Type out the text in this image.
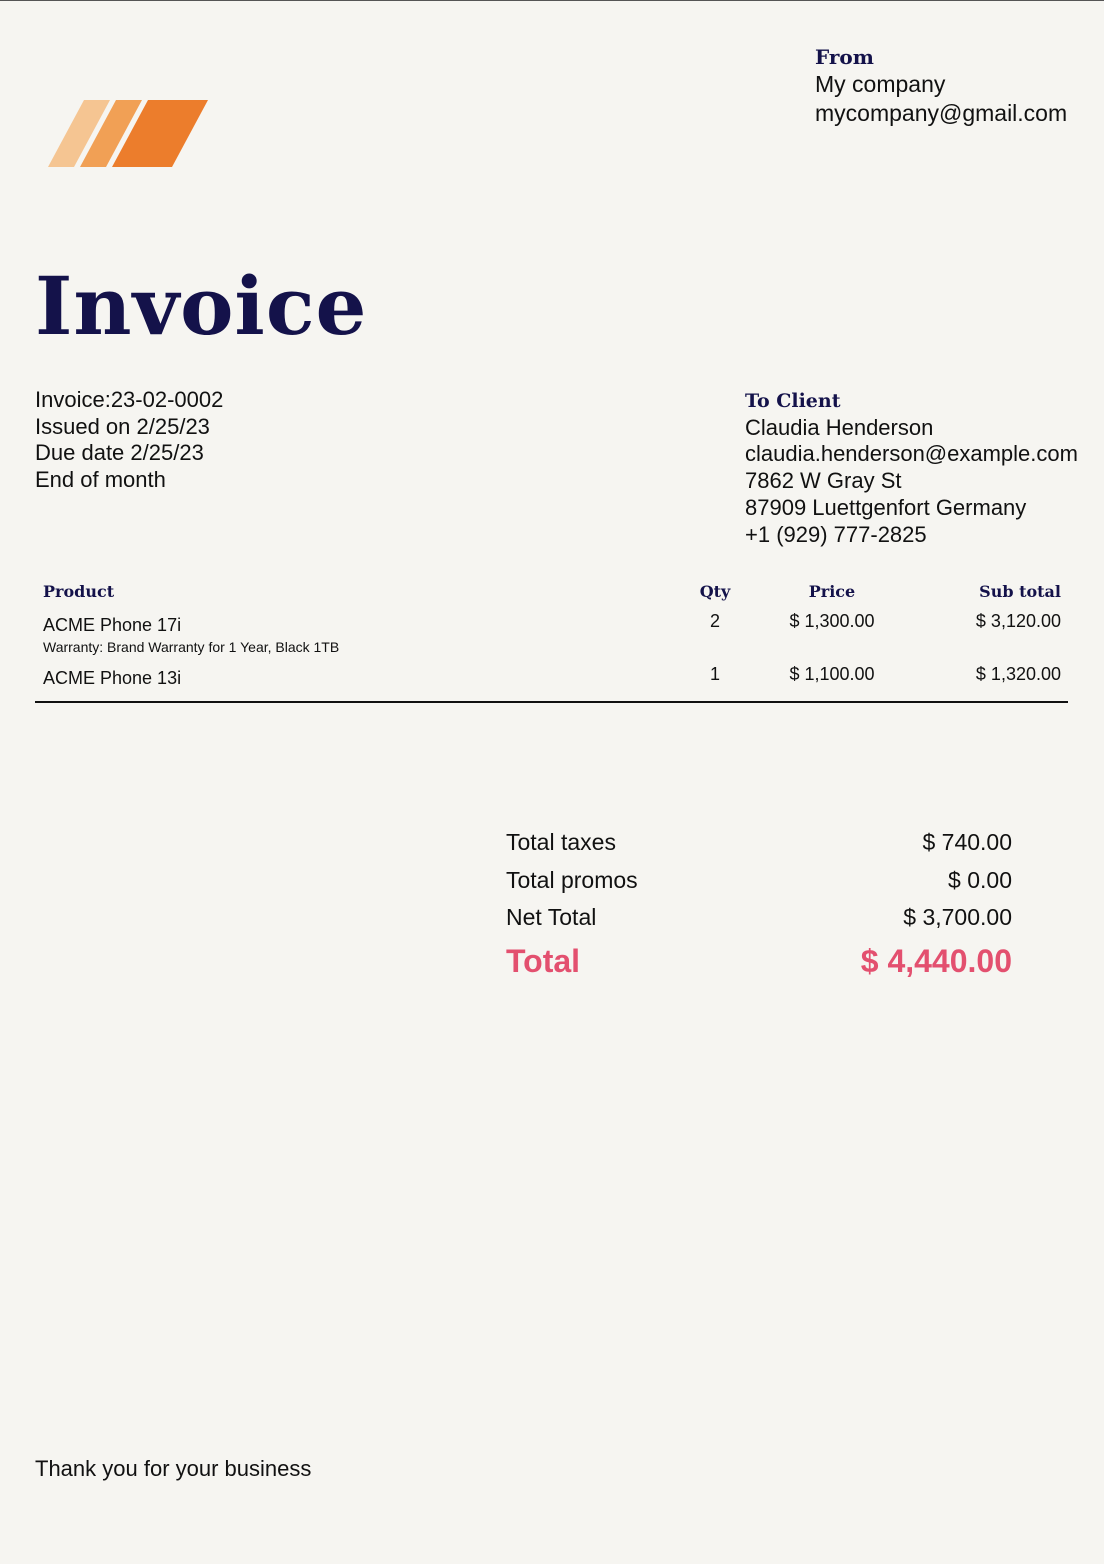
From
My company
mycompany@gmail.com
Invoice
Invoice:23-02-0002
Issued on 2/25/23
Due date 2/25/23
End of month
To Client
Claudia Henderson
claudia.henderson@example.com
7862 W Gray St
87909 Luettgenfort Germany
+1 (929) 777-2825
Product	Qty	Price	Sub total
ACME Phone 17i
Warranty: Brand Warranty for 1 Year, Black 1TB
2	$ 1,300.00	$ 3,120.00
ACME Phone 13i	1	$ 1,100.00	$ 1,320.00
Total taxes	$ 740.00
Total promos	$ 0.00
Net Total	$ 3,700.00
Total	$ 4,440.00
Thank you for your business
